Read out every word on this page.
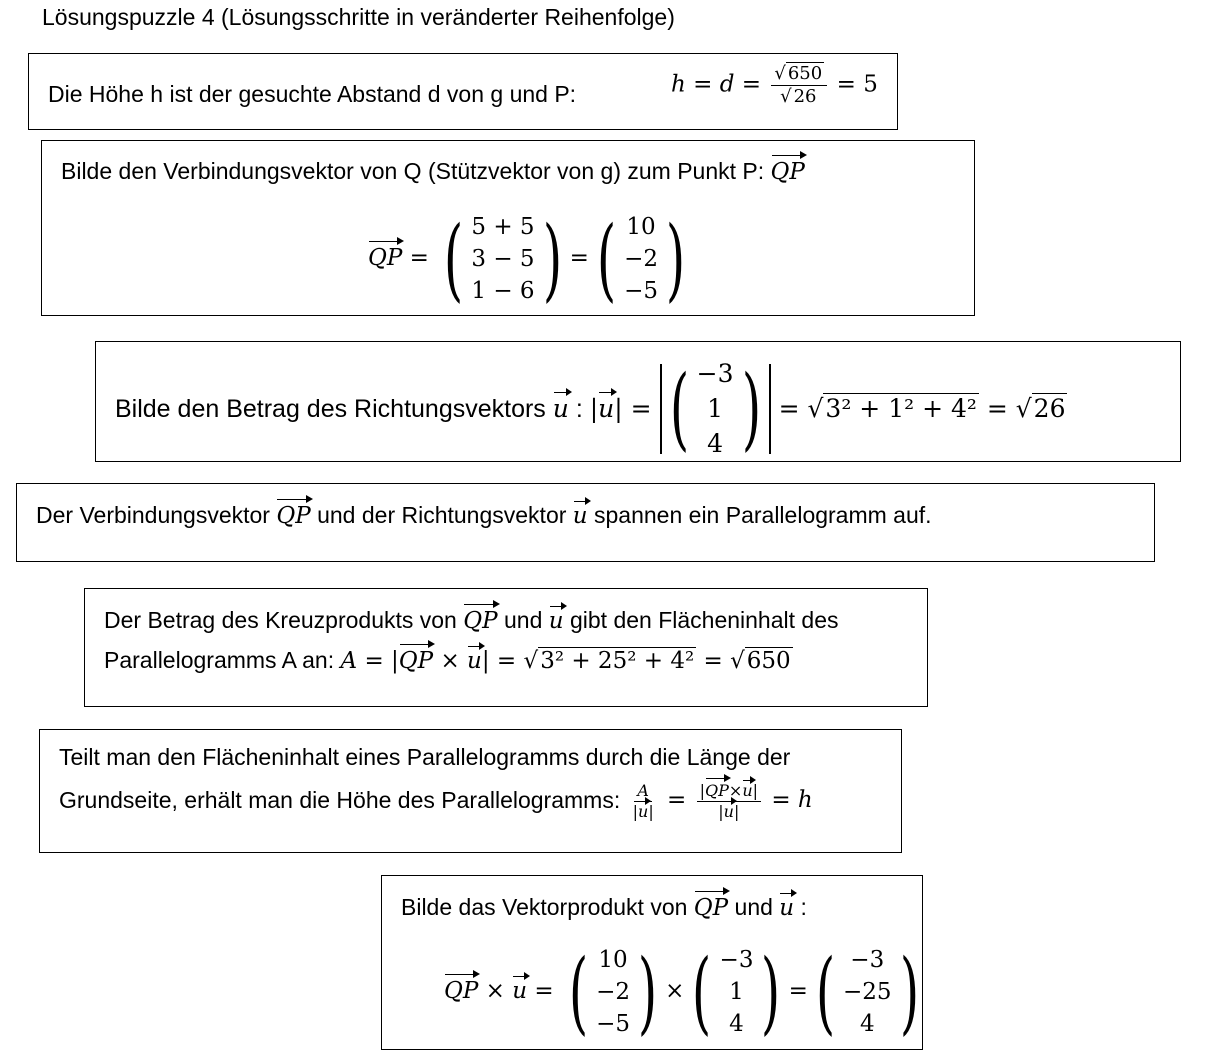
Lösungspuzzle 4 (Lösungsschritte in veränderter Reihenfolge)
Die Höhe h ist der gesuchte Abstand d von g und P:	$h = d = \frac{√ 650}{√ 26} = 5$
Bilde den Verbindungsvektor von Q (Stützvektor von g) zum Punkt P: QP
QP = ( 5 + 5
3 − 5
1 − 6 ) = ( 10
−2
−5 )
Bilde den Betrag des Richtungsvektors
u : | u | = ( −3
1
4 ) = √3² + 1² + 4² = √26
Der Verbindungsvektor QP und der Richtungsvektor u spannen ein Parallelogramm auf.
Der Betrag des Kreuzprodukts von QP und u gibt den Flächeninhalt des
Parallelogramms A an: A = |QP × u| = √3² + 25² + 4² = √650
Teilt man den Flächeninhalt eines Parallelogramms durch die Länge der
Grundseite, erhält man die Höhe des Parallelogramms:
$\frac{A}{|u|} = \frac{|QP\times u|}{|u|} = h$
Bilde das Vektorprodukt von QP und u :
QP × u = ( 10
−2
−5 ) × ( −3
1
4 ) = ( −3
−25
4 )
